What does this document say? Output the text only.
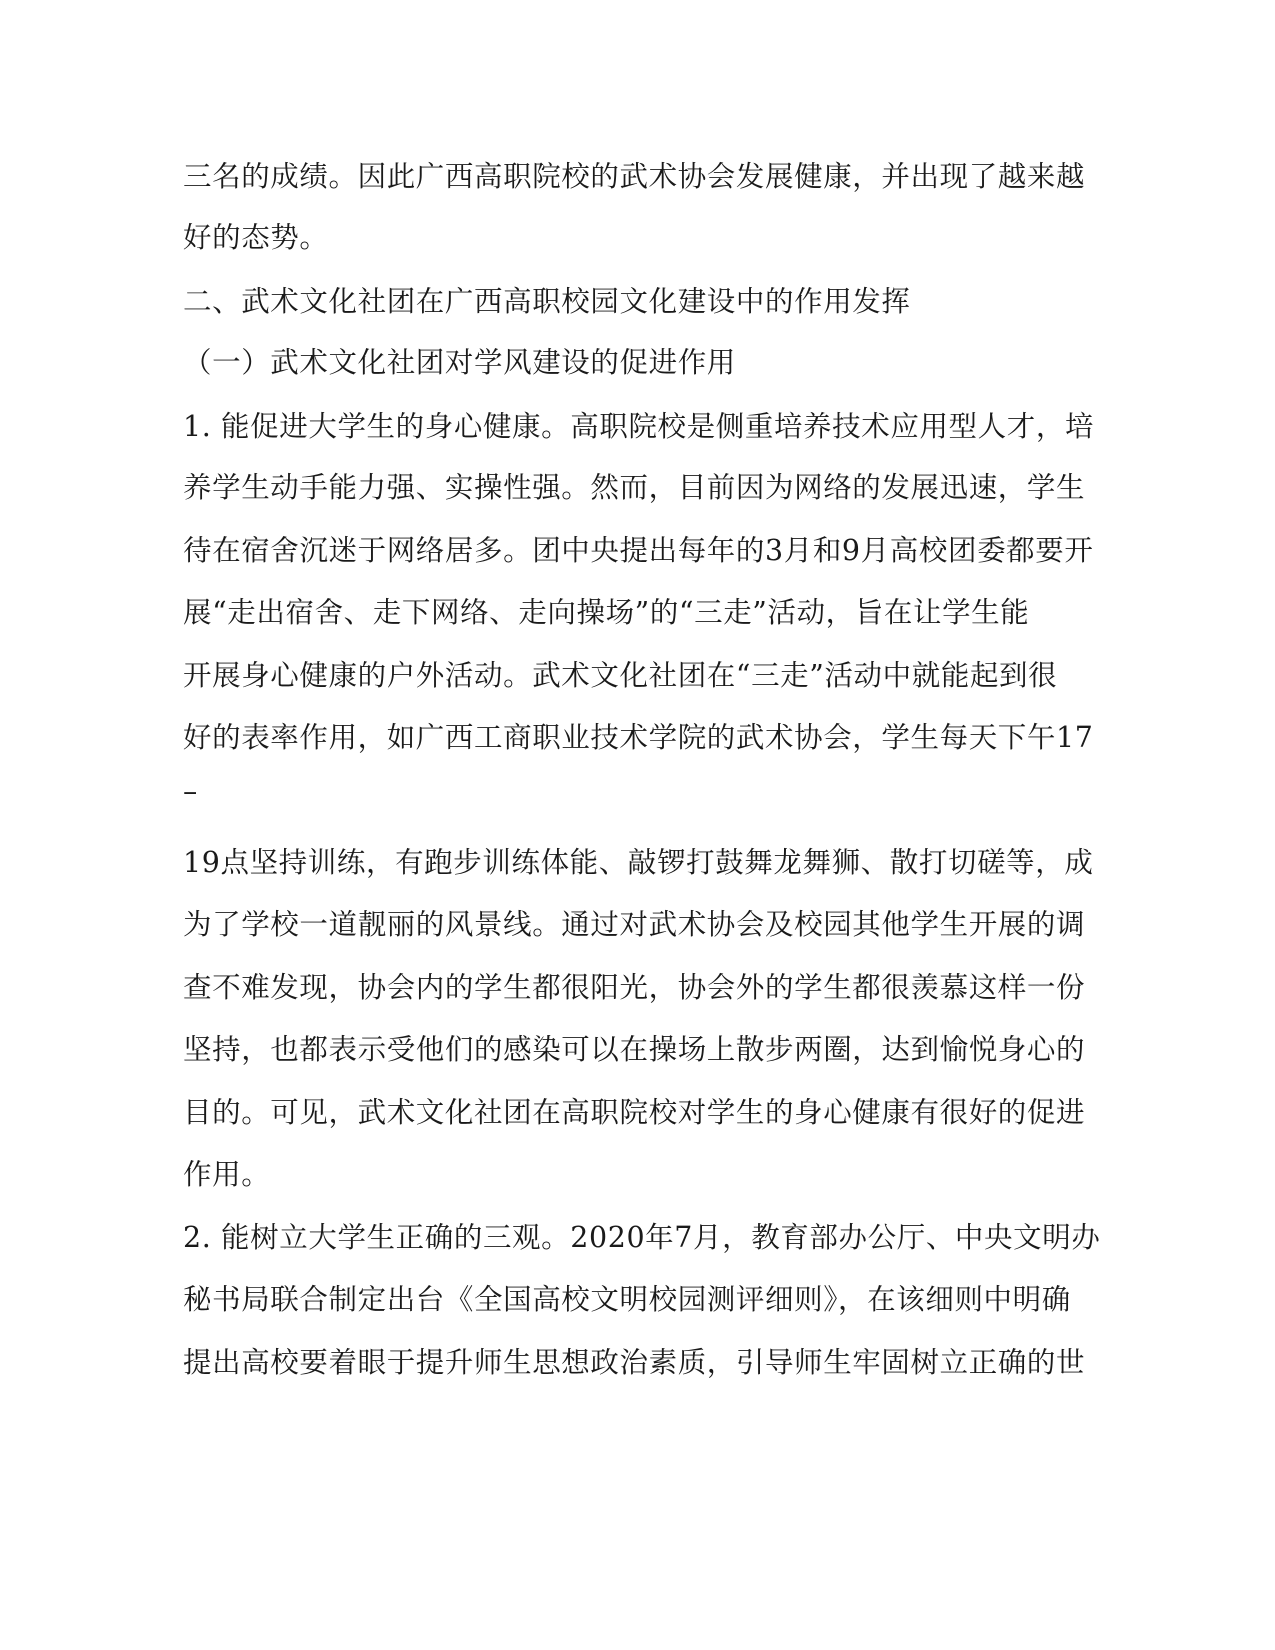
三名的成绩。因此广西高职院校的武术协会发展健康，并出现了越来越
好的态势。
二、武术文化社团在广西高职校园文化建设中的作用发挥
（一）武术文化社团对学风建设的促进作用
1. 能促进大学生的身心健康。高职院校是侧重培养技术应用型人才，培
养学生动手能力强、实操性强。然而，目前因为网络的发展迅速，学生
待在宿舍沉迷于网络居多。团中央提出每年的3月和9月高校团委都要开
展“走出宿舍、走下网络、走向操场”的“三走”活动，旨在让学生能
开展身心健康的户外活动。武术文化社团在“三走”活动中就能起到很
好的表率作用，如广西工商职业技术学院的武术协会，学生每天下午17
–
19点坚持训练，有跑步训练体能、敲锣打鼓舞龙舞狮、散打切磋等，成
为了学校一道靓丽的风景线。通过对武术协会及校园其他学生开展的调
查不难发现，协会内的学生都很阳光，协会外的学生都很羡慕这样一份
坚持，也都表示受他们的感染可以在操场上散步两圈，达到愉悦身心的
目的。可见，武术文化社团在高职院校对学生的身心健康有很好的促进
作用。
2. 能树立大学生正确的三观。2020年7月，教育部办公厅、中央文明办
秘书局联合制定出台《全国高校文明校园测评细则》，在该细则中明确
提出高校要着眼于提升师生思想政治素质，引导师生牢固树立正确的世
